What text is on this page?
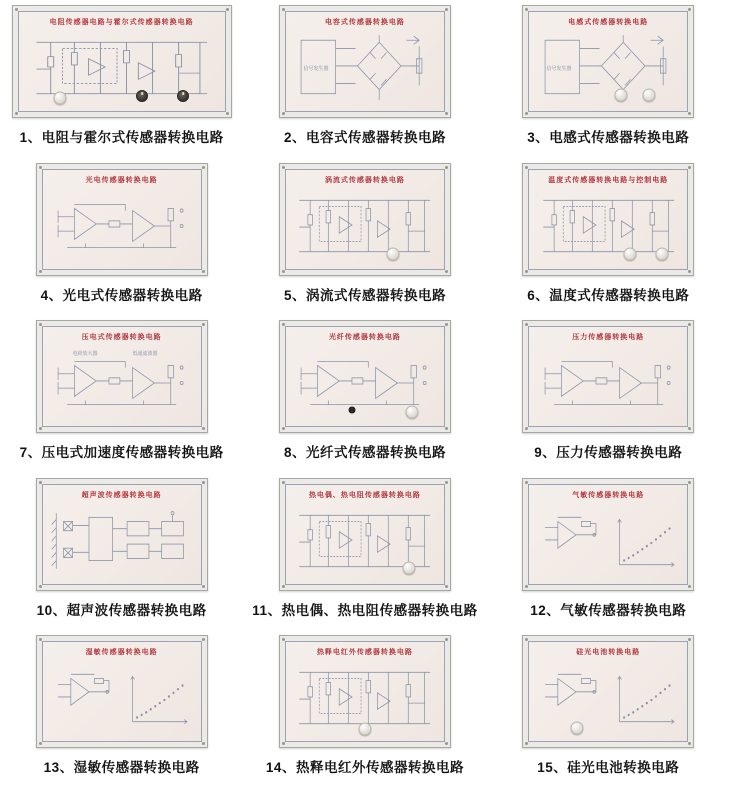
电阻传感器电路与霍尔式传感器转换电路
1、电阻与霍尔式传感器转换电路
电容式传感器转换电路
信号发生器
2、电容式传感器转换电路
电感式传感器转换电路
信号发生器
3、电感式传感器转换电路
光电传感器转换电路
4、光电式传感器转换电路
涡流式传感器转换电路
5、涡流式传感器转换电路
温度式传感器转换电路与控制电路
6、温度式传感器转换电路
压电式传感器转换电路
电荷放大器	低通滤波器
7、压电式加速度传感器转换电路
光纤传感器转换电路
8、光纤式传感器转换电路
压力传感器转换电路
9、压力传感器转换电路
超声波传感器转换电路
10、超声波传感器转换电路
热电偶、热电阻传感器转换电路
11、热电偶、热电阻传感器转换电路
气敏传感器转换电路
12、气敏传感器转换电路
湿敏传感器转换电路
13、湿敏传感器转换电路
热释电红外传感器转换电路
14、热释电红外传感器转换电路
硅光电池转换电路
15、硅光电池转换电路
